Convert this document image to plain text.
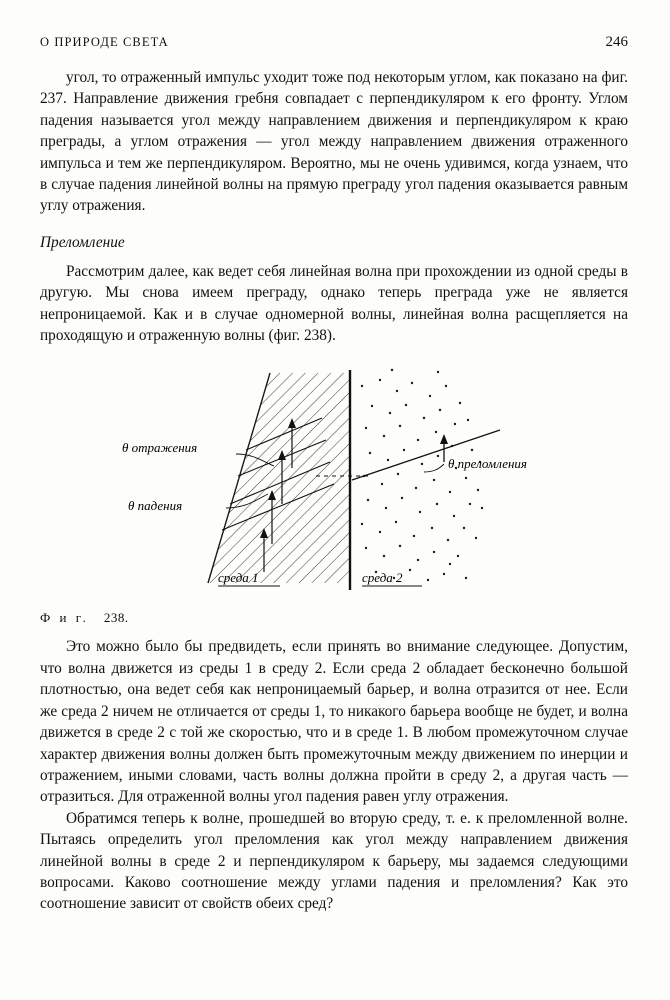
О ПРИРОДЕ СВЕТА	246

угол, то отраженный импульс уходит тоже под некоторым углом, как показано на фиг. 237. Направление движения гребня совпадает с перпендикуляром к его фронту. Углом падения называется угол между направлением движения и перпендикуляром к краю преграды, а углом отражения — угол между направлением движения отраженного импульса и тем же перпендикуляром. Вероятно, мы не очень удивимся, когда узнаем, что в случае падения линейной волны на прямую преграду угол падения оказывается равным углу отражения.

Преломление

Рассмотрим далее, как ведет себя линейная волна при прохождении из одной среды в другую. Мы снова имеем преграду, однако теперь преграда уже не является непроницаемой. Как и в случае одномерной волны, линейная волна расщепляется на проходящую и отраженную волны (фиг. 238).

θ отражения
θ падения
θ преломления
среда 1	среда 2
Ф и г. 238.

Это можно было бы предвидеть, если принять во внимание следующее. Допустим, что волна движется из среды 1 в среду 2. Если среда 2 обладает бесконечно большой плотностью, она ведет себя как непроницаемый барьер, и волна отразится от нее. Если же среда 2 ничем не отличается от среды 1, то никакого барьера вообще не будет, и волна движется в среде 2 с той же скоростью, что и в среде 1. В любом промежуточном случае характер движения волны должен быть промежуточным между движением по инерции и отражением, иными словами, часть волны должна пройти в среду 2, а другая часть — отразиться. Для отраженной волны угол падения равен углу отражения.

Обратимся теперь к волне, прошедшей во вторую среду, т. е. к преломленной волне. Пытаясь определить угол преломления как угол между направлением движения линейной волны в среде 2 и перпендикуляром к барьеру, мы задаемся следующими вопросами. Каково соотношение между углами падения и преломления? Как это соотношение зависит от свойств обеих сред?
